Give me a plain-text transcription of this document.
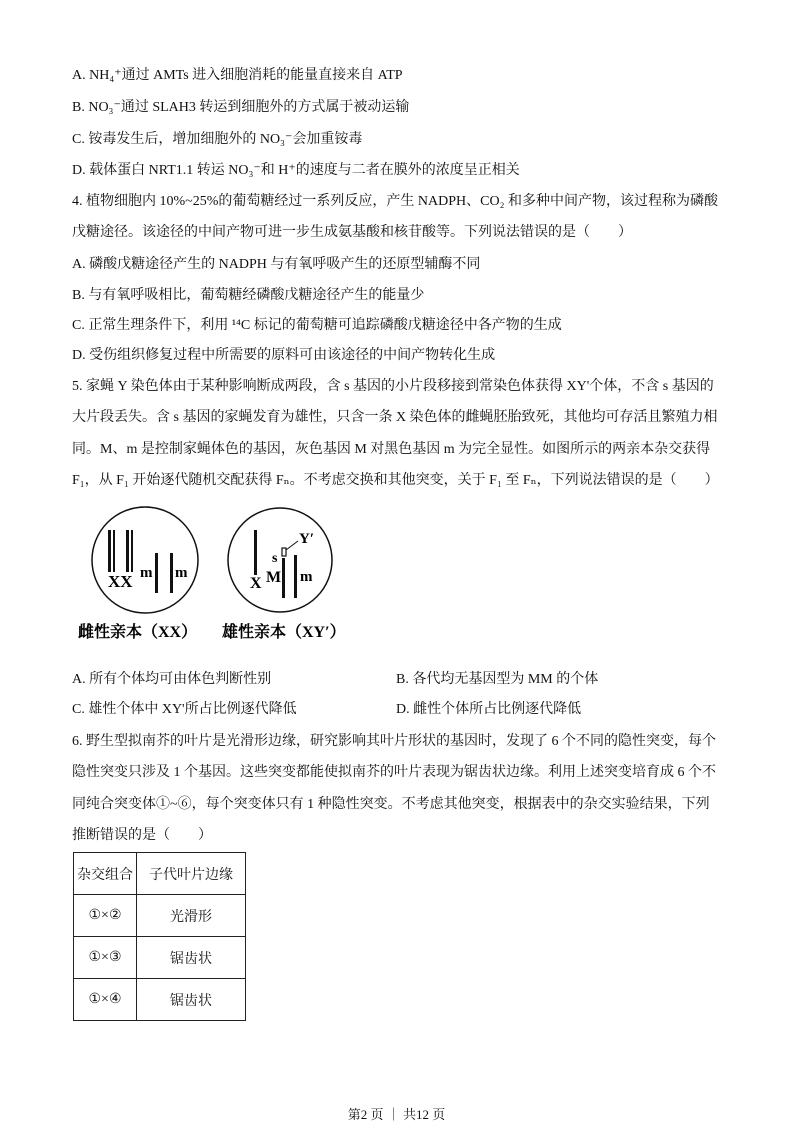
A. NH₄⁺通过 AMTs 进入细胞消耗的能量直接来自 ATP
B. NO₃⁻通过 SLAH3 转运到细胞外的方式属于被动运输
C. 铵毒发生后，增加细胞外的 NO₃⁻会加重铵毒
D. 载体蛋白 NRT1.1 转运 NO₃⁻和 H⁺的速度与二者在膜外的浓度呈正相关
4. 植物细胞内 10%~25%的葡萄糖经过一系列反应，产生 NADPH、CO₂ 和多种中间产物，该过程称为磷酸
戊糖途径。该途径的中间产物可进一步生成氨基酸和核苷酸等。下列说法错误的是（　　）
A. 磷酸戊糖途径产生的 NADPH 与有氧呼吸产生的还原型辅酶不同
B. 与有氧呼吸相比，葡萄糖经磷酸戊糖途径产生的能量少
C. 正常生理条件下，利用 ¹⁴C 标记的葡萄糖可追踪磷酸戊糖途径中各产物的生成
D. 受伤组织修复过程中所需要的原料可由该途径的中间产物转化生成
5. 家蝇 Y 染色体由于某种影响断成两段，含 s 基因的小片段移接到常染色体获得 XY'个体，不含 s 基因的
大片段丢失。含 s 基因的家蝇发育为雄性，只含一条 X 染色体的雌蝇胚胎致死，其他均可存活且繁殖力相
同。M、m 是控制家蝇体色的基因，灰色基因 M 对黑色基因 m 为完全显性。如图所示的两亲本杂交获得
F₁，从 F₁ 开始逐代随机交配获得 Fₙ。不考虑交换和其他突变，关于 F₁ 至 Fₙ，下列说法错误的是（　　）
XX m m
X
s
Y′
M m
雌性亲本（XX） 雄性亲本（XY′）
A. 所有个体均可由体色判断性别	B. 各代均无基因型为 MM 的个体
C. 雄性个体中 XY'所占比例逐代降低	D. 雌性个体所占比例逐代降低
6. 野生型拟南芥的叶片是光滑形边缘，研究影响其叶片形状的基因时，发现了 6 个不同的隐性突变，每个
隐性突变只涉及 1 个基因。这些突变都能使拟南芥的叶片表现为锯齿状边缘。利用上述突变培育成 6 个不
同纯合突变体①~⑥，每个突变体只有 1 种隐性突变。不考虑其他突变，根据表中的杂交实验结果，下列
推断错误的是（　　）
杂交组合	子代叶片边缘
①×②	光滑形
①×③	锯齿状
①×④	锯齿状
第2 页 ｜ 共12 页
